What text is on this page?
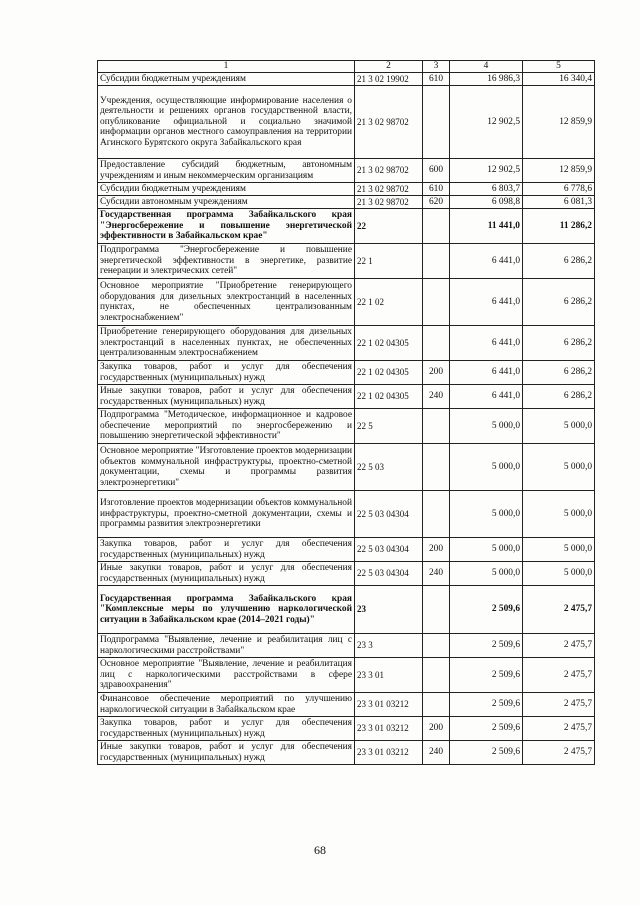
1	2	3	4	5
Субсидии бюджетным учреждениям	21 3 02 19902	610	16 986,3	16 340,4
Учреждения, осуществляющие информирование населения о деятельности и решениях органов государственной власти, опубликование официальной и социально значимой информации органов местного самоуправления на территории Агинского Бурятского округа Забайкальского края	21 3 02 98702		12 902,5	12 859,9
Предоставление субсидий бюджетным, автономным учреждениям и иным некоммерческим организациям	21 3 02 98702	600	12 902,5	12 859,9
Субсидии бюджетным учреждениям	21 3 02 98702	610	6 803,7	6 778,6
Субсидии автономным учреждениям	21 3 02 98702	620	6 098,8	6 081,3
Государственная программа Забайкальского края "Энергосбережение и повышение энергетической эффективности в Забайкальском крае"	22		11 441,0	11 286,2
Подпрограмма "Энергосбережение и повышение энергетической эффективности в энергетике, развитие генерации и электрических сетей"	22 1		6 441,0	6 286,2
Основное мероприятие "Приобретение генерирующего оборудования для дизельных электростанций в населенных пунктах, не обеспеченных централизованным электроснабжением"	22 1 02		6 441,0	6 286,2
Приобретение генерирующего оборудования для дизельных электростанций в населенных пунктах, не обеспеченных централизованным электроснабжением	22 1 02 04305		6 441,0	6 286,2
Закупка товаров, работ и услуг для обеспечения государственных (муниципальных) нужд	22 1 02 04305	200	6 441,0	6 286,2
Иные закупки товаров, работ и услуг для обеспечения государственных (муниципальных) нужд	22 1 02 04305	240	6 441,0	6 286,2
Подпрограмма "Методическое, информационное и кадровое обеспечение мероприятий по энергосбережению и повышению энергетической эффективности"	22 5		5 000,0	5 000,0
Основное мероприятие "Изготовление проектов модернизации объектов коммунальной инфраструктуры, проектно-сметной документации, схемы и программы развития электроэнергетики"	22 5 03		5 000,0	5 000,0
Изготовление проектов модернизации объектов коммунальной инфраструктуры, проектно-сметной документации, схемы и программы развития электроэнергетики	22 5 03 04304		5 000,0	5 000,0
Закупка товаров, работ и услуг для обеспечения государственных (муниципальных) нужд	22 5 03 04304	200	5 000,0	5 000,0
Иные закупки товаров, работ и услуг для обеспечения государственных (муниципальных) нужд	22 5 03 04304	240	5 000,0	5 000,0
Государственная программа Забайкальского края "Комплексные меры по улучшению наркологической ситуации в Забайкальском крае (2014–2021 годы)"	23		2 509,6	2 475,7
Подпрограмма "Выявление, лечение и реабилитация лиц с наркологическими расстройствами"	23 3		2 509,6	2 475,7
Основное мероприятие "Выявление, лечение и реабилитация лиц с наркологическими расстройствами в сфере здравоохранения"	23 3 01		2 509,6	2 475,7
Финансовое обеспечение мероприятий по улучшению наркологической ситуации в Забайкальском крае	23 3 01 03212		2 509,6	2 475,7
Закупка товаров, работ и услуг для обеспечения государственных (муниципальных) нужд	23 3 01 03212	200	2 509,6	2 475,7
Иные закупки товаров, работ и услуг для обеспечения государственных (муниципальных) нужд	23 3 01 03212	240	2 509,6	2 475,7
68
